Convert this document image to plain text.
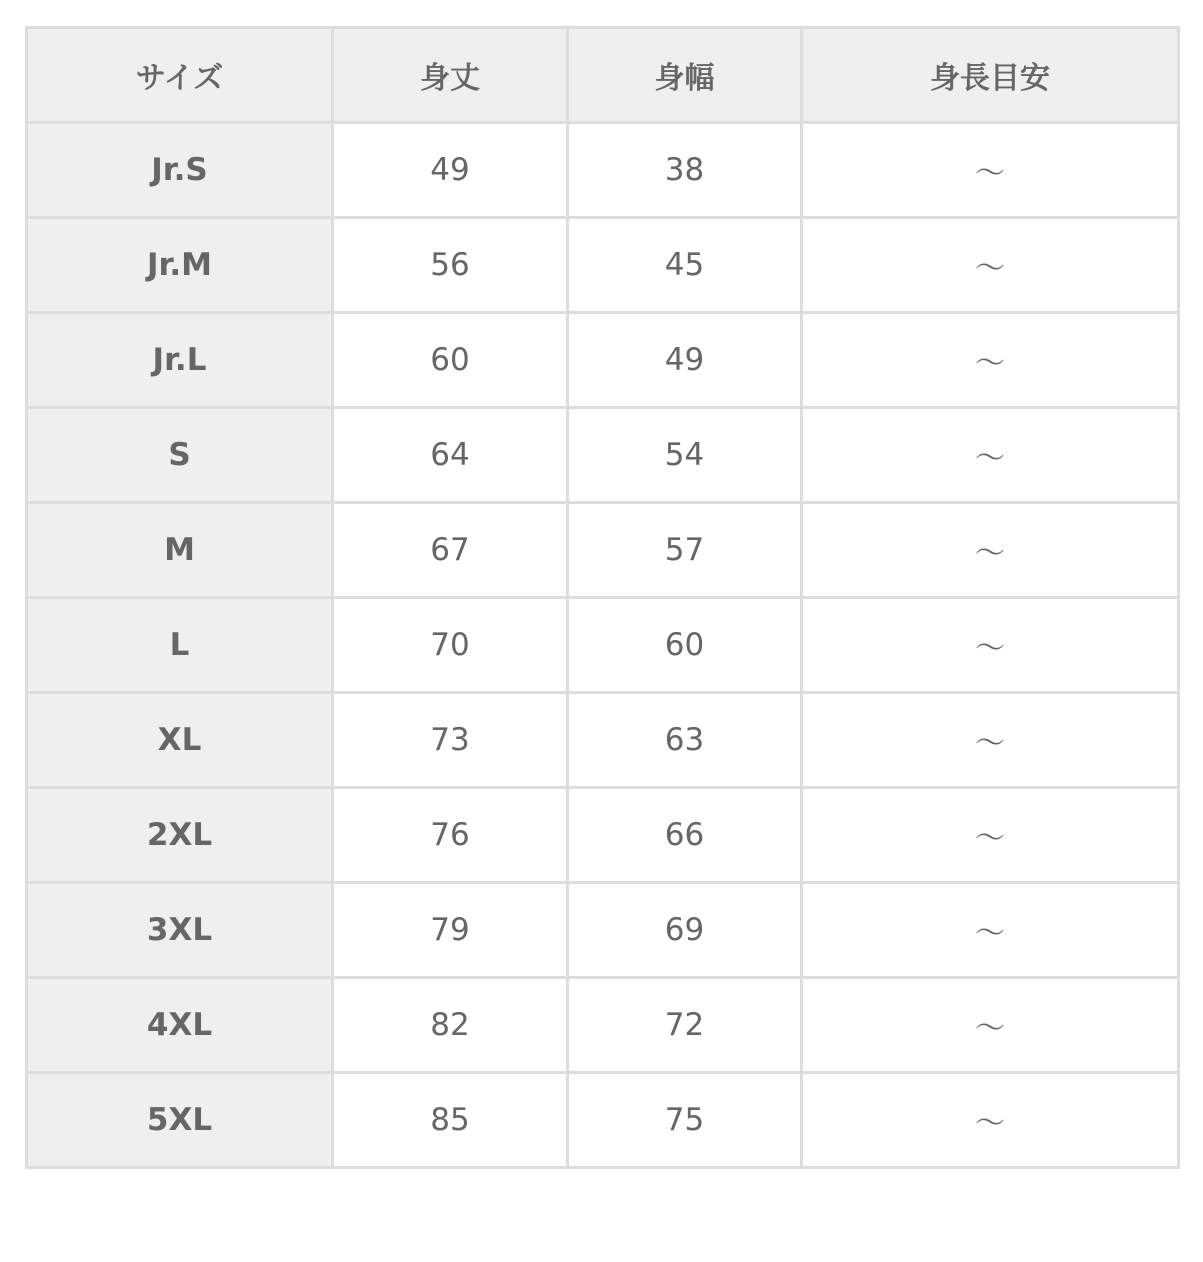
サイズ	身丈	身幅	身長目安
Jr.S	49	38	〜
Jr.M	56	45	〜
Jr.L	60	49	〜
S	64	54	〜
M	67	57	〜
L	70	60	〜
XL	73	63	〜
2XL	76	66	〜
3XL	79	69	〜
4XL	82	72	〜
5XL	85	75	〜
